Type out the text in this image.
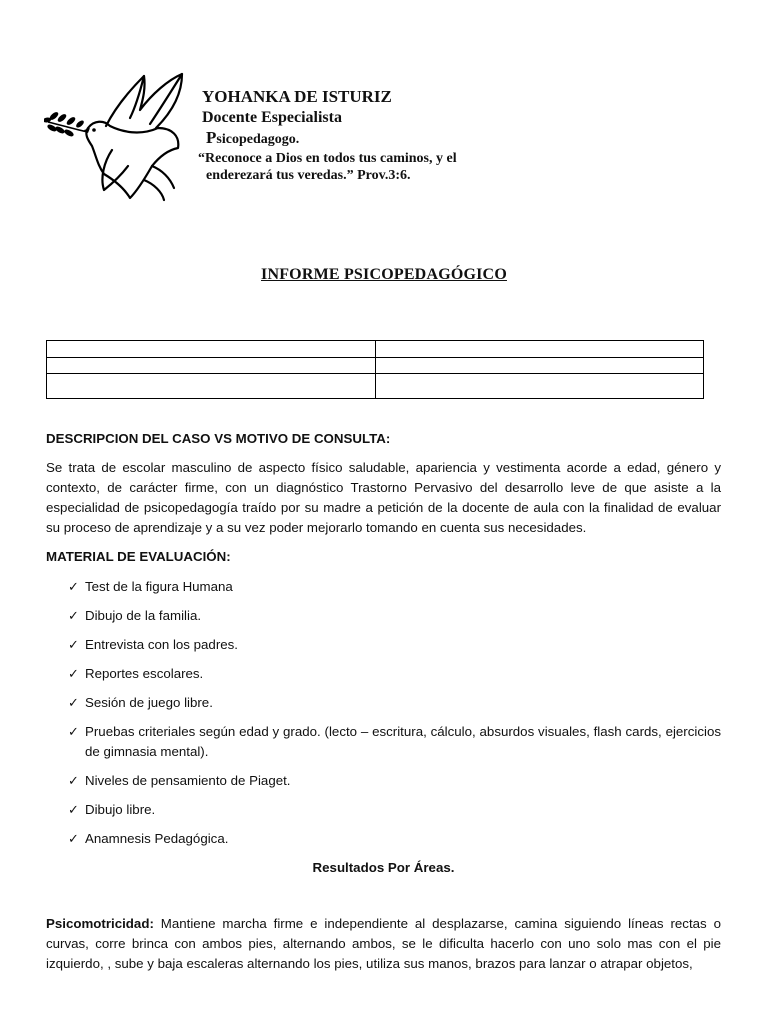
YOHANKA DE ISTURIZ
Docente Especialista
Psicopedagogo.
“Reconoce a Dios en todos tus caminos, y el
enderezará tus veredas.” Prov.3:6.
INFORME PSICOPEDAGÓGICO

DESCRIPCION DEL CASO VS MOTIVO DE CONSULTA:

Se trata de escolar masculino de aspecto físico saludable, apariencia y vestimenta acorde a edad, género y contexto, de carácter firme, con un diagnóstico Trastorno Pervasivo del desarrollo leve de que asiste a la especialidad de psicopedagogía traído por su madre a petición de la docente de aula con la finalidad de evaluar su proceso de aprendizaje y a su vez poder mejorarlo tomando en cuenta sus necesidades.

MATERIAL DE EVALUACIÓN:

✓ Test de la figura Humana
✓ Dibujo de la familia.
✓ Entrevista con los padres.
✓ Reportes escolares.
✓ Sesión de juego libre.
✓ Pruebas criteriales según edad y grado. (lecto – escritura, cálculo, absurdos visuales, flash cards, ejercicios de gimnasia mental).
✓ Niveles de pensamiento de Piaget.
✓ Dibujo libre.
✓ Anamnesis Pedagógica.

Resultados Por Áreas.

Psicomotricidad: Mantiene marcha firme e independiente al desplazarse, camina siguiendo líneas rectas o curvas, corre brinca con ambos pies, alternando ambos, se le dificulta hacerlo con uno solo mas con el pie izquierdo, , sube y baja escaleras alternando los pies, utiliza sus manos, brazos para lanzar o atrapar objetos,
